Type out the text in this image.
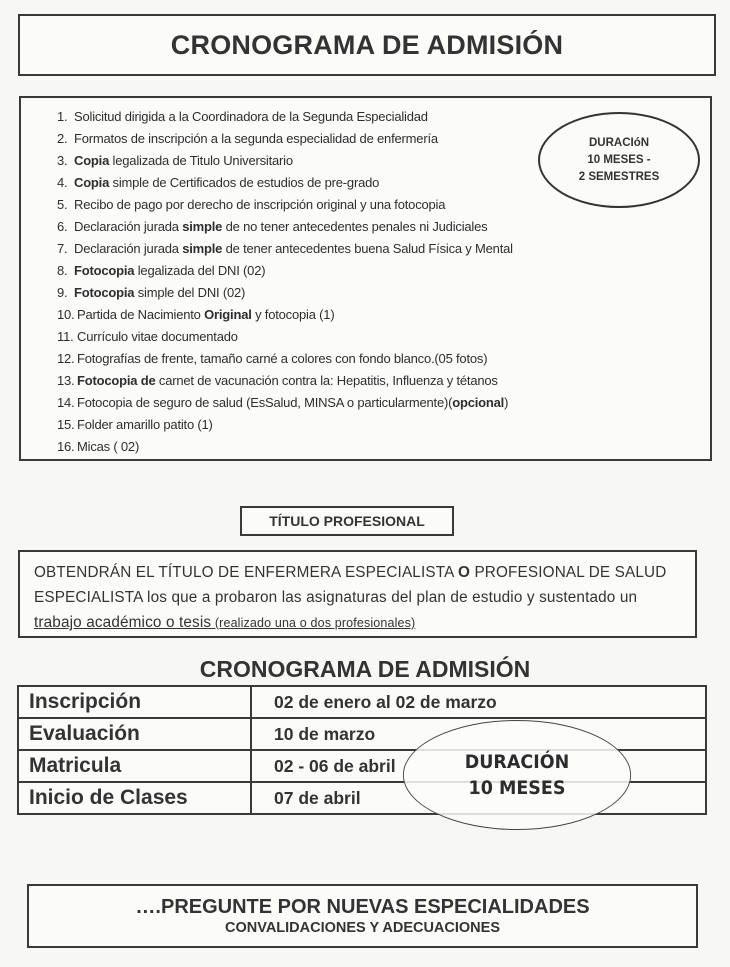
CRONOGRAMA DE ADMISIÓN
1. Solicitud dirigida a la Coordinadora de la Segunda Especialidad
2. Formatos de inscripción a la segunda especialidad de enfermería
3. Copia legalizada de Titulo Universitario
4. Copia simple de Certificados de estudios de pre-grado
5. Recibo de pago por derecho de inscripción original y una fotocopia
6. Declaración jurada simple de no tener antecedentes penales ni Judiciales
7. Declaración jurada simple de tener antecedentes buena Salud Física y Mental
8. Fotocopia legalizada del DNI (02)
9. Fotocopia simple del DNI (02)
10. Partida de Nacimiento Original y fotocopia (1)
11. Currículo vitae documentado
12. Fotografías de frente, tamaño carné a colores con fondo blanco.(05 fotos)
13. Fotocopia de carnet de vacunación contra la: Hepatitis, Influenza y tétanos
14. Fotocopia de seguro de salud (EsSalud, MINSA o particularmente)(opcional)
15. Folder amarillo patito (1)
16. Micas ( 02)
DURACIóN
10 MESES -
2 SEMESTRES
TÍTULO PROFESIONAL

OBTENDRÁN EL TÍTULO DE ENFERMERA ESPECIALISTA O PROFESIONAL DE SALUD ESPECIALISTA los que a probaron las asignaturas del plan de estudio y sustentado un trabajo académico o tesis (realizado una o dos profesionales)

CRONOGRAMA DE ADMISIÓN
Inscripción	02 de enero al 02 de marzo
Evaluación	10 de marzo
Matricula	02 - 06 de abril
Inicio de Clases	07 de abril
DURACIÓN
10 MESES
….PREGUNTE POR NUEVAS ESPECIALIDADES
CONVALIDACIONES Y ADECUACIONES
